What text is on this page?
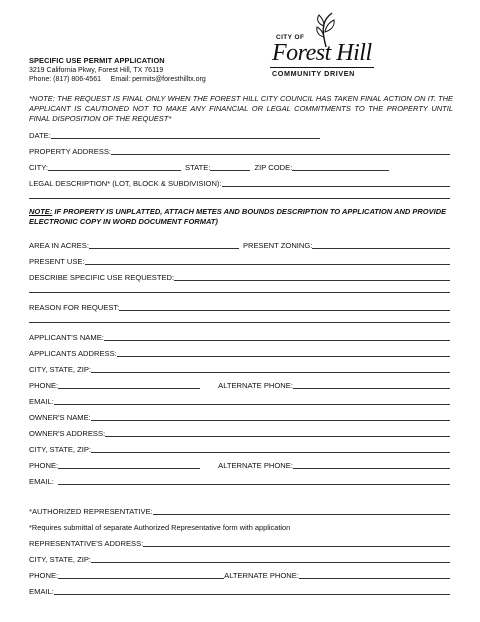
SPECIFIC USE PERMIT APPLICATION
3219 California Pkwy, Forest Hill, TX 76119
Phone: (817) 806-4561 Email: permits@foresthilltx.org
CITY OF
Forest Hill
COMMUNITY DRIVEN
*NOTE: THE REQUEST IS FINAL ONLY WHEN THE FOREST HILL CITY COUNCIL HAS TAKEN FINAL ACTION ON IT. THE APPLICANT IS CAUTIONED NOT TO MAKE ANY FINANCIAL OR LEGAL COMMITMENTS TO THE PROPERTY UNTIL FINAL DISPOSITION OF THE REQUEST*
DATE:
PROPERTY ADDRESS:
CITY:	STATE:	ZIP CODE:
LEGAL DESCRIPTION* (LOT, BLOCK & SUBDIVISION):
NOTE: IF PROPERTY IS UNPLATTED, ATTACH METES AND BOUNDS DESCRIPTION TO APPLICATION AND PROVIDE ELECTRONIC COPY IN WORD DOCUMENT FORMAT)
AREA IN ACRES:	PRESENT ZONING:
PRESENT USE:
DESCRIBE SPECIFIC USE REQUESTED:
REASON FOR REQUEST:
APPLICANT'S NAME:
APPLICANTS ADDRESS:
CITY, STATE, ZIP:
PHONE:	ALTERNATE PHONE:
EMAIL:
OWNER'S NAME:
OWNER'S ADDRESS:
CITY, STATE, ZIP:
PHONE:	ALTERNATE PHONE:
EMAIL:
*AUTHORIZED REPRESENTATIVE:
*Requires submittal of separate Authorized Representative form with application
REPRESENTATIVE'S ADDRESS:
CITY, STATE, ZIP:
PHONE:	ALTERNATE PHONE:
EMAIL:
